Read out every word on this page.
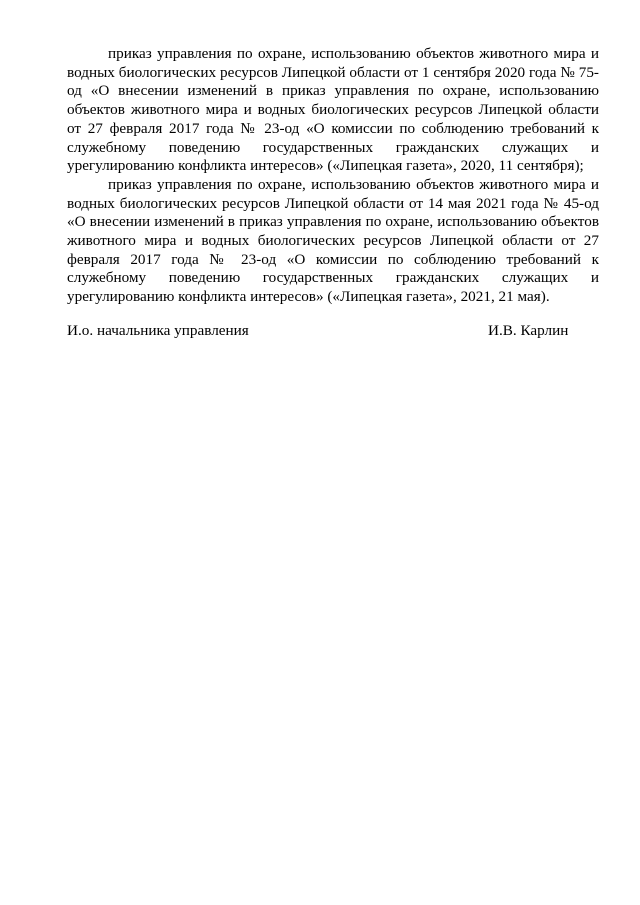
приказ управления по охране, использованию объектов животного мира и водных биологических ресурсов Липецкой области от 1 сентября 2020 года № 75-од «О внесении изменений в приказ управления по охране, использованию объектов животного мира и водных биологических ресурсов Липецкой области от 27 февраля 2017 года № 23-од «О комиссии по соблюдению требований к служебному поведению государственных гражданских служащих и урегулированию конфликта интересов» («Липецкая газета», 2020, 11 сентября);

приказ управления по охране, использованию объектов животного мира и водных биологических ресурсов Липецкой области от 14 мая 2021 года № 45-од «О внесении изменений в приказ управления по охране, использованию объектов животного мира и водных биологических ресурсов Липецкой области от 27 февраля 2017 года № 23-од «О комиссии по соблюдению требований к служебному поведению государственных гражданских служащих и урегулированию конфликта интересов» («Липецкая газета», 2021, 21 мая).

И.о. начальника управления	И.В. Карлин
